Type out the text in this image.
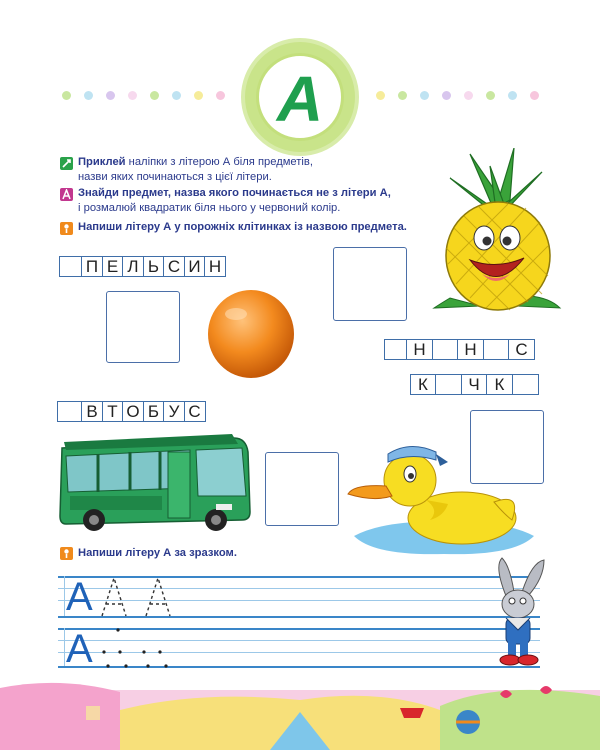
А
Приклей наліпки з літерою А біля предметів,
назви яких починаються з цієї літери.
Знайди предмет, назва якого починається не з літери А,
і розмалюй квадратик біля нього у червоний колір.
Напиши літеру А у порожніх клітинках із назвою предмета.
П Е Л Ь С И Н
Н	Н	С
К	Ч К
В Т О Б У С
Напиши літеру А за зразком.
А
А
